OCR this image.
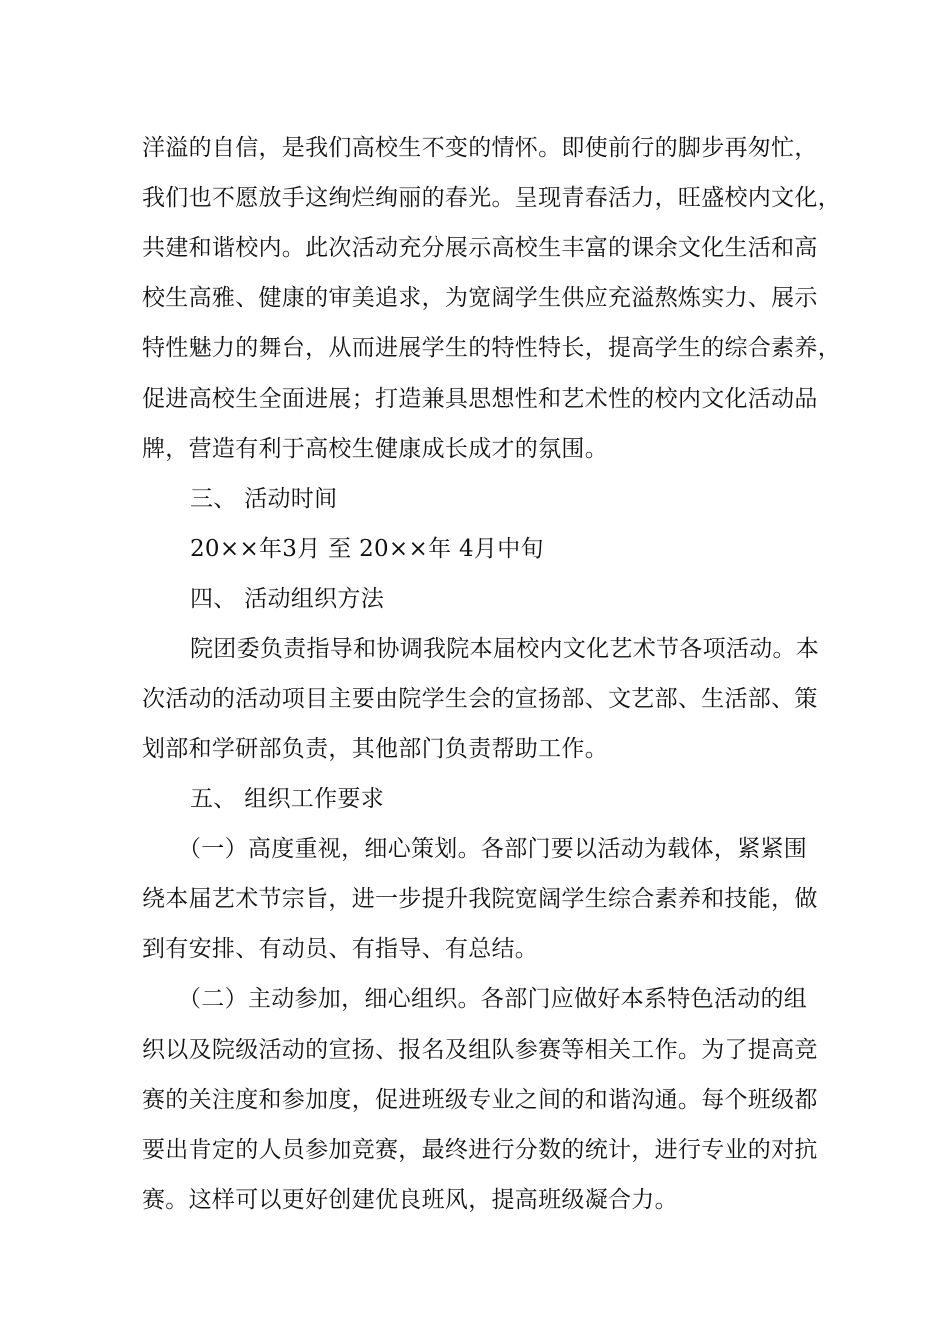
洋溢的自信，是我们高校生不变的情怀。即使前行的脚步再匆忙，
我们也不愿放手这绚烂绚丽的春光。呈现青春活力，旺盛校内文化，
共建和谐校内。此次活动充分展示高校生丰富的课余文化生活和高
校生高雅、健康的审美追求，为宽阔学生供应充溢熬炼实力、展示
特性魅力的舞台，从而进展学生的特性特长，提高学生的综合素养，
促进高校生全面进展；打造兼具思想性和艺术性的校内文化活动品
牌，营造有利于高校生健康成长成才的氛围。
三、 活动时间
20××年3月 至 20××年 4月中旬
四、 活动组织方法
院团委负责指导和协调我院本届校内文化艺术节各项活动。本
次活动的活动项目主要由院学生会的宣扬部、文艺部、生活部、策
划部和学研部负责，其他部门负责帮助工作。
五、 组织工作要求
（一）高度重视，细心策划。各部门要以活动为载体，紧紧围
绕本届艺术节宗旨，进一步提升我院宽阔学生综合素养和技能，做
到有安排、有动员、有指导、有总结。
（二）主动参加，细心组织。各部门应做好本系特色活动的组
织以及院级活动的宣扬、报名及组队参赛等相关工作。为了提高竞
赛的关注度和参加度，促进班级专业之间的和谐沟通。每个班级都
要出肯定的人员参加竞赛，最终进行分数的统计，进行专业的对抗
赛。这样可以更好创建优良班风，提高班级凝合力。
